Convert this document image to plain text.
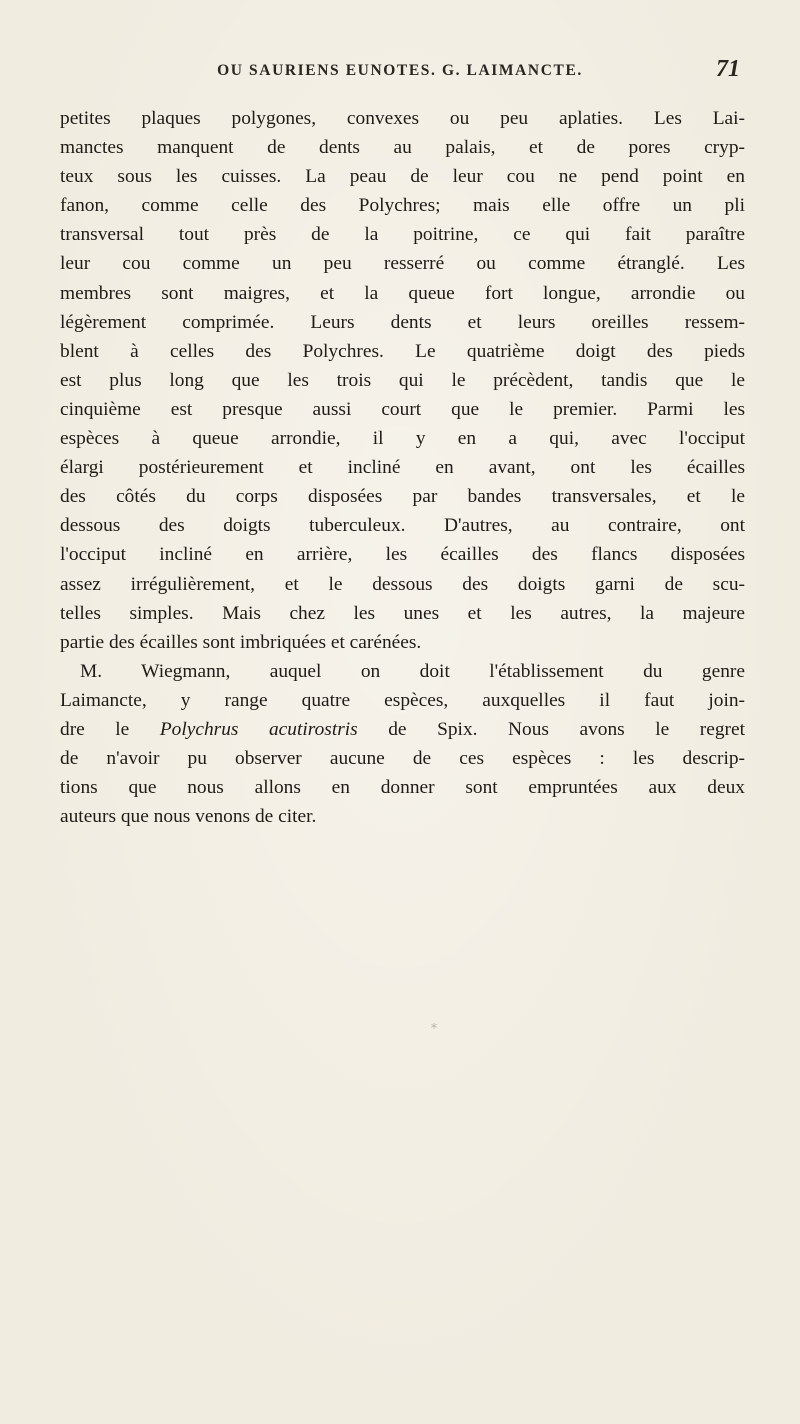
OU SAURIENS EUNOTES. G. LAIMANCTE.	71
petites plaques polygones, convexes ou peu aplaties. Les Lai-
manctes manquent de dents au palais, et de pores cryp-
teux sous les cuisses. La peau de leur cou ne pend point en
fanon, comme celle des Polychres; mais elle offre un pli
transversal tout près de la poitrine, ce qui fait paraître
leur cou comme un peu resserré ou comme étranglé. Les
membres sont maigres, et la queue fort longue, arrondie ou
légèrement comprimée. Leurs dents et leurs oreilles ressem-
blent à celles des Polychres. Le quatrième doigt des pieds
est plus long que les trois qui le précèdent, tandis que le
cinquième est presque aussi court que le premier. Parmi les
espèces à queue arrondie, il y en a qui, avec l'occiput
élargi postérieurement et incliné en avant, ont les écailles
des côtés du corps disposées par bandes transversales, et le
dessous des doigts tuberculeux. D'autres, au contraire, ont
l'occiput incliné en arrière, les écailles des flancs disposées
assez irrégulièrement, et le dessous des doigts garni de scu-
telles simples. Mais chez les unes et les autres, la majeure
partie des écailles sont imbriquées et carénées.
M. Wiegmann, auquel on doit l'établissement du genre
Laimancte, y range quatre espèces, auxquelles il faut join-
dre le Polychrus acutirostris de Spix. Nous avons le regret
de n'avoir pu observer aucune de ces espèces : les descrip-
tions que nous allons en donner sont empruntées aux deux
auteurs que nous venons de citer.
*
